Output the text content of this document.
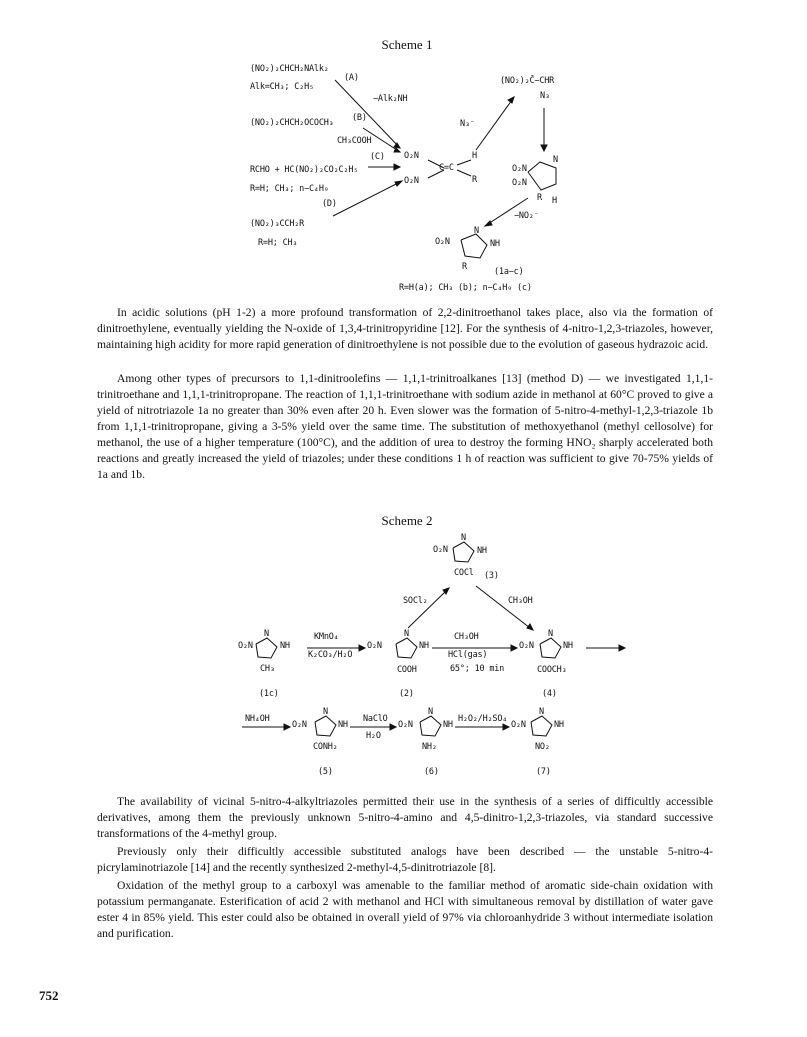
Scheme 1
(NO₂)₂CHCH₂NAlk₂
Alk=CH₃; C₂H₅
(A)
−Alk₂NH
(NO₂)₂CHCH₂OCOCH₃ (B)
CH₃COOH
(C)
RCHO + HC(NO₂)₂CO₂C₂H₅
R=H; CH₃; n−C₄H₉
(D)
(NO₂)₃CCH₂R
R=H; CH₃
O₂N
O₂N
C=C
H
R
N₃⁻
(NO₂)₂C̄−CHR
N₃
O₂N
O₂N
N
R H
−NO₂⁻
O₂N
N
NH
R	(1a−c)
R=H(a); CH₃ (b); n−C₄H₉ (c)

In acidic solutions (pH 1-2) a more profound transformation of 2,2-dinitroethanol takes place, also via the formation of dinitroethylene, eventually yielding the N-oxide of 1,3,4-trinitropyridine [12]. For the synthesis of 4-nitro-1,2,3-triazoles, however, maintaining high acidity for more rapid generation of dinitroethylene is not possible due to the evolution of gaseous hydrazoic acid.

Among other types of precursors to 1,1-dinitroolefins — 1,1,1-trinitroalkanes [13] (method D) — we investigated 1,1,1-trinitroethane and 1,1,1-trinitropropane. The reaction of 1,1,1-trinitroethane with sodium azide in methanol at 60°C proved to give a yield of nitrotriazole 1a no greater than 30% even after 20 h. Even slower was the formation of 5-nitro-4-methyl-1,2,3-triazole 1b from 1,1,1-trinitropropane, giving a 3-5% yield over the same time. The substitution of methoxyethanol (methyl cellosolve) for methanol, the use of a higher temperature (100°C), and the addition of urea to destroy the forming HNO₂ sharply accelerated both reactions and greatly increased the yield of triazoles; under these conditions 1 h of reaction was sufficient to give 70-75% yields of 1a and 1b.

Scheme 2
O₂N
N
NH
COCl (3)
SOCl₂	CH₃OH
O₂N
N
NH
CH₃
(1c)
KMnO₄
K₂CO₃/H₂O
O₂N
N
NH
COOH
(2)
CH₃OH
HCl(gas)
65°; 10 min
O₂N
N
NH
COOCH₃
(4)
NH₄OH
O₂N
N
NH
CONH₂
(5)
NaClO
H₂O
O₂N
N
NH
NH₂
(6)
H₂O₂/H₂SO₄
O₂N
N
NH
NO₂
(7)

The availability of vicinal 5-nitro-4-alkyltriazoles permitted their use in the synthesis of a series of difficultly accessible derivatives, among them the previously unknown 5-nitro-4-amino and 4,5-dinitro-1,2,3-triazoles, via standard successive transformations of the 4-methyl group.

Previously only their difficultly accessible substituted analogs have been described — the unstable 5-nitro-4-picrylaminotriazole [14] and the recently synthesized 2-methyl-4,5-dinitrotriazole [8].

Oxidation of the methyl group to a carboxyl was amenable to the familiar method of aromatic side-chain oxidation with potassium permanganate. Esterification of acid 2 with methanol and HCl with simultaneous removal by distillation of water gave ester 4 in 85% yield. This ester could also be obtained in overall yield of 97% via chloroanhydride 3 without intermediate isolation and purification.

752
